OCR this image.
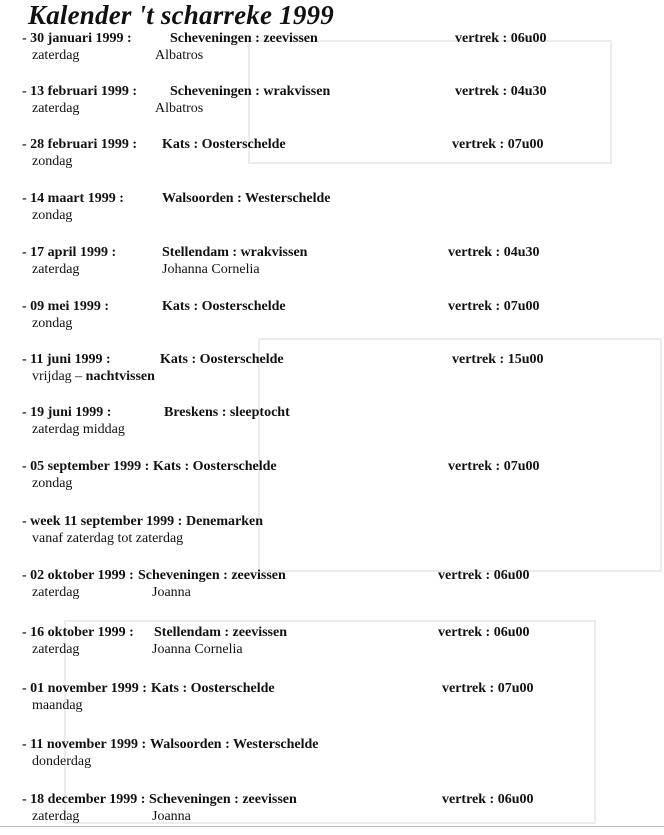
Kalender 't scharreke 1999
- 30 januari 1999 :	Scheveningen : zeevissen	vertrek : 06u00
zaterdag	Albatros
- 13 februari 1999 : Scheveningen : wrakvissen	vertrek : 04u30
zaterdag	Albatros
- 28 februari 1999 : Kats : Oosterschelde	vertrek : 07u00
zondag
- 14 maart 1999 :	Walsoorden : Westerschelde
zondag
- 17 april 1999 :	Stellendam : wrakvissen	vertrek : 04u30
zaterdag	Johanna Cornelia
- 09 mei 1999 :	Kats : Oosterschelde	vertrek : 07u00
zondag
- 11 juni 1999 :	Kats : Oosterschelde	vertrek : 15u00
vrijdag – nachtvissen
- 19 juni 1999 :	Breskens : sleeptocht
zaterdag middag
- 05 september 1999 : Kats : Oosterschelde	vertrek : 07u00
zondag
- week 11 september 1999 : Denemarken
vanaf zaterdag tot zaterdag
- 02 oktober 1999 : Scheveningen : zeevissen	vertrek : 06u00
zaterdag	Joanna
- 16 oktober 1999 : Stellendam : zeevissen	vertrek : 06u00
zaterdag	Joanna Cornelia
- 01 november 1999 : Kats : Oosterschelde	vertrek : 07u00
maandag
- 11 november 1999 : Walsoorden : Westerschelde
donderdag
- 18 december 1999 : Scheveningen : zeevissen	vertrek : 06u00
zaterdag	Joanna
